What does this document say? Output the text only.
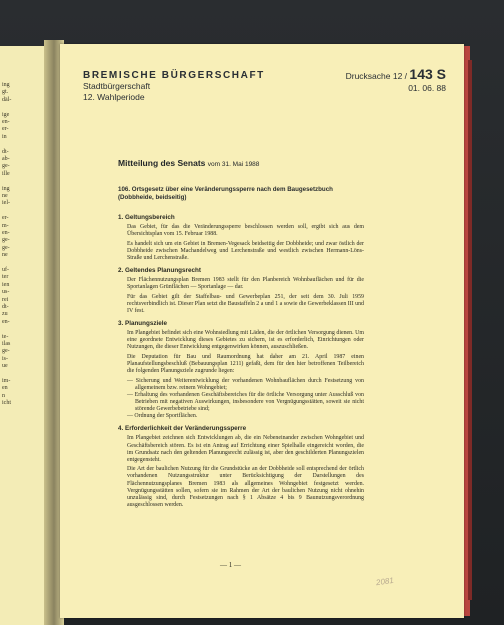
ing
gt.
däl-
ige
en-
er-
in
dt-
ab-
ge-
ille
ing
ne
iel-
er-
m-
en-
ge-
ge-
ne
uf-
ter
ien
us-
rei
dt-
zu
en-
te-
ilas
ge-
is-
ue
im-
en
n
icht
BREMISCHE BÜRGERSCHAFT
Stadtbürgerschaft
12. Wahlperiode
Drucksache 12 / 143 S
01. 06. 88
Mitteilung des Senats vom 31. Mai 1988
106. Ortsgesetz über eine Veränderungssperre nach dem Baugesetzbuch (Dobbheide, beidseitig)
1. Geltungsbereich

Das Gebiet, für das die Veränderungssperre beschlossen werden soll, ergibt sich aus dem Übersichtsplan vom 15. Februar 1988.

Es handelt sich um ein Gebiet in Bremen-Vegesack beidseitig der Dobbheide; und zwar östlich der Dobbheide zwischen Machandelweg und Lerchenstraße und westlich zwischen Hermann-Löns-Straße und Lerchenstraße.

2. Geltendes Planungsrecht

Der Flächennutzungsplan Bremen 1983 stellt für den Planbereich Wohnbauflächen und für die Sportanlagen Grünflächen — Sportanlage — dar.

Für das Gebiet gilt der Staffelbau- und Gewerbeplan 251, der seit dem 30. Juli 1959 rechtsverbindlich ist. Dieser Plan setzt die Baustaffeln 2 a und 1 a sowie die Gewerbeklassen III und IV fest.

3. Planungsziele

Im Plangebiet befindet sich eine Wohnsiedlung mit Läden, die der örtlichen Versorgung dienen. Um eine geordnete Entwicklung dieses Gebietes zu sichern, ist es erforderlich, Einrichtungen oder Nutzungen, die dieser Entwicklung entgegenwirken können, auszuschließen.

Die Deputation für Bau und Raumordnung hat daher am 21. April 1987 einen Planaufstellungsbeschluß (Bebauungsplan 1211) gefaßt, dem für den hier betroffenen Teilbereich die folgenden Planungsziele zugrunde liegen:

— Sicherung und Weiterentwicklung der vorhandenen Wohnbauflächen durch Festsetzung von allgemeinem bzw. reinem Wohngebiet;
— Erhaltung des vorhandenen Geschäftsbereiches für die örtliche Versorgung unter Ausschluß von Betrieben mit negativen Auswirkungen, insbesondere von Vergnügungsstätten, soweit sie nicht störende Gewerbebetriebe sind;
— Ordnung der Sportflächen.
4. Erforderlichkeit der Veränderungssperre

Im Plangebiet zeichnen sich Entwicklungen ab, die ein Nebeneinander zwischen Wohngebiet und Geschäftsbereich stören. Es ist ein Antrag auf Errichtung einer Spielhalle eingereicht worden, die im Grundsatz nach den geltenden Planungsrecht zulässig ist, aber den geschilderten Planungszielen entgegensteht.

Die Art der baulichen Nutzung für die Grundstücke an der Dobbheide soll entsprechend der örtlich vorhandenen Nutzungsstruktur unter Berücksichtigung der Darstellungen des Flächennutzungsplanes Bremen 1983 als allgemeines Wohngebiet festgesetzt werden. Vergnügungsstätten sollen, sofern sie im Rahmen der Art der baulichen Nutzung nicht ohnehin unzulässig sind, durch Festsetzungen nach § 1 Absätze 4 bis 9 Baunutzungsverordnung ausgeschlossen werden.

— 1 —
2081
